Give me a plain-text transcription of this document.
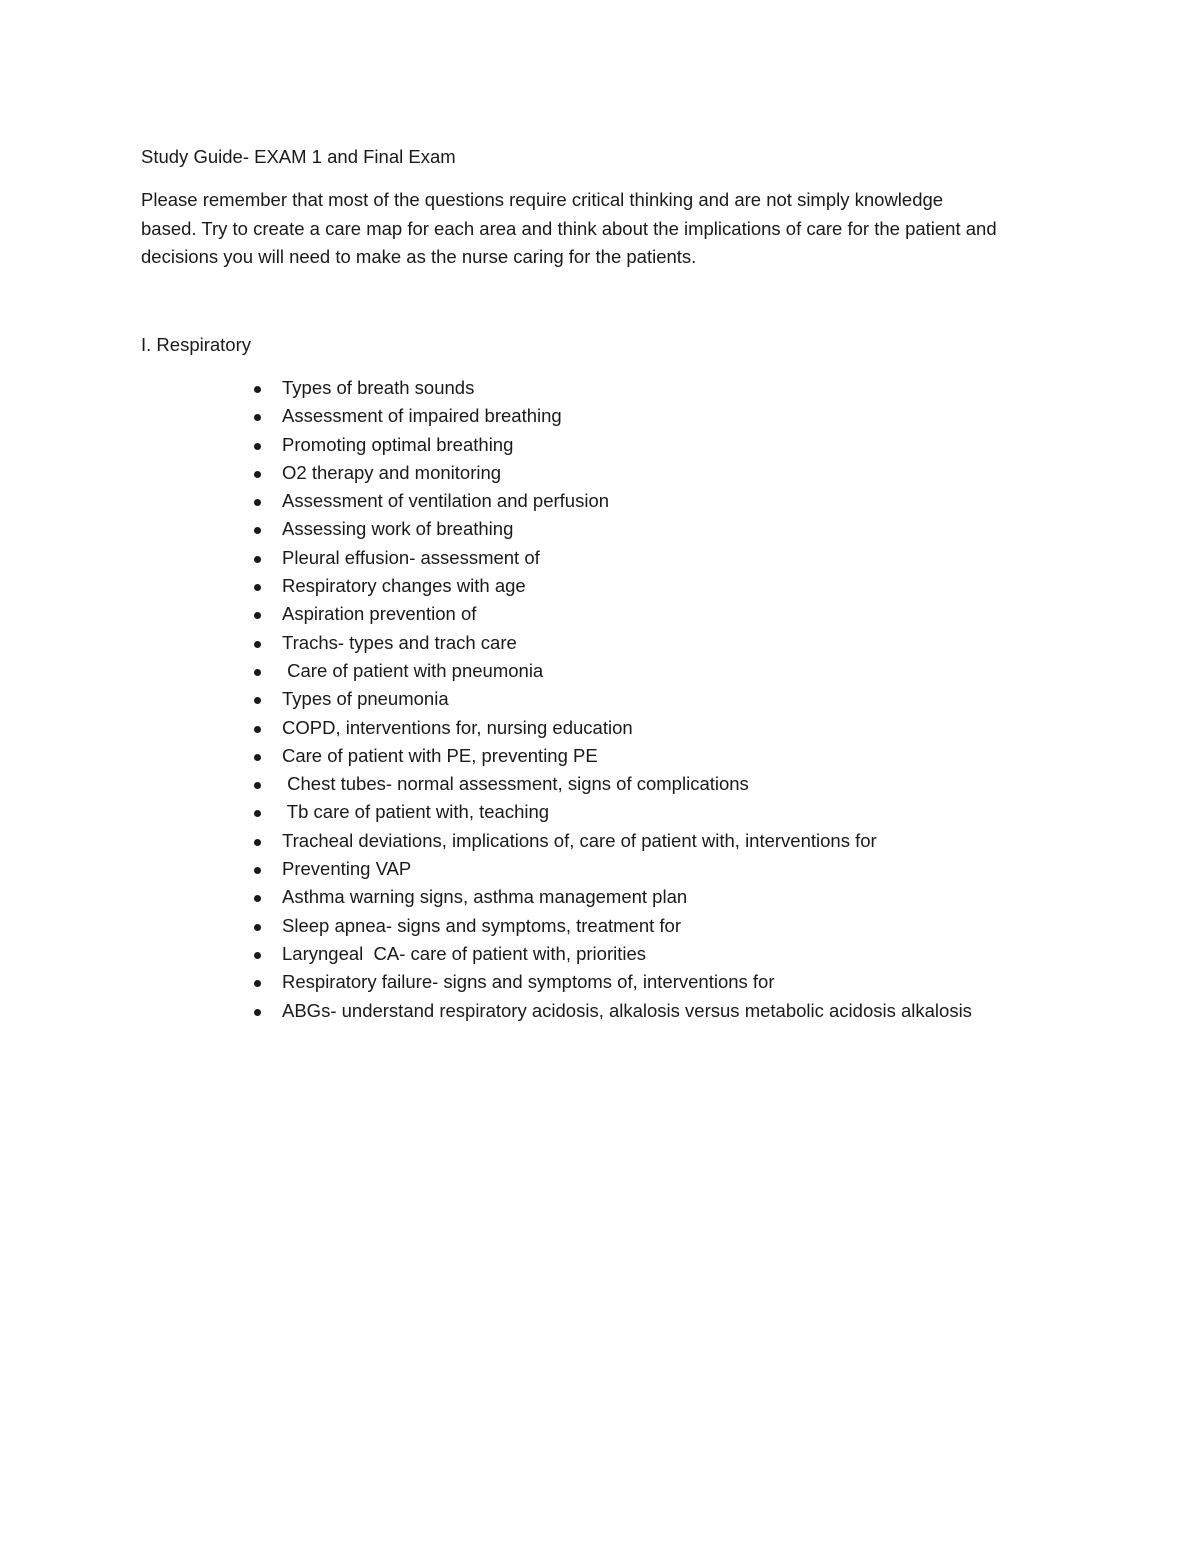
Study Guide- EXAM 1 and Final Exam

Please remember that most of the questions require critical thinking and are not simply knowledge
based. Try to create a care map for each area and think about the implications of care for the patient and
decisions you will need to make as the nurse caring for the patients.

I. Respiratory
Types of breath sounds
Assessment of impaired breathing
Promoting optimal breathing
O2 therapy and monitoring
Assessment of ventilation and perfusion
Assessing work of breathing
Pleural effusion- assessment of
Respiratory changes with age
Aspiration prevention of
Trachs- types and trach care
Care of patient with pneumonia
Types of pneumonia
COPD, interventions for, nursing education
Care of patient with PE, preventing PE
Chest tubes- normal assessment, signs of complications
Tb care of patient with, teaching
Tracheal deviations, implications of, care of patient with, interventions for
Preventing VAP
Asthma warning signs, asthma management plan
Sleep apnea- signs and symptoms, treatment for
Laryngeal  CA- care of patient with, priorities
Respiratory failure- signs and symptoms of, interventions for
ABGs- understand respiratory acidosis, alkalosis versus metabolic acidosis alkalosis
